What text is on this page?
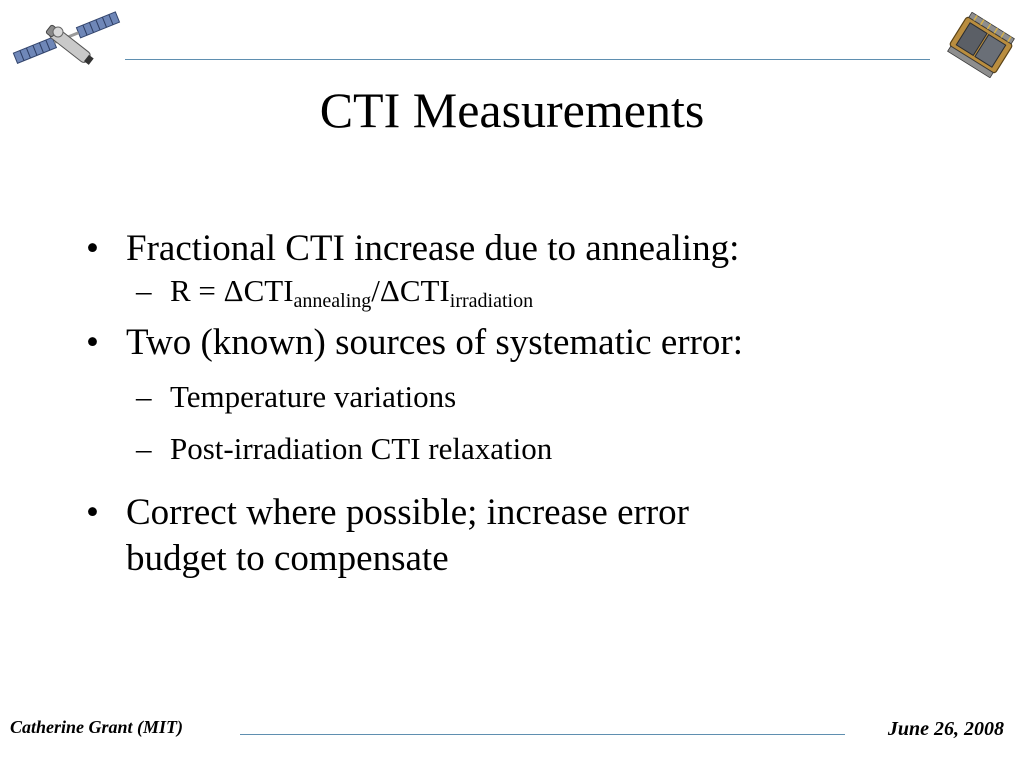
CTI Measurements
• Fractional CTI increase due to annealing:
– $R = \Delta CTI_{annealing}/\Delta CTI_{irradiation}$
• Two (known) sources of systematic error:
– Temperature variations
– Post-irradiation CTI relaxation
• Correct where possible; increase error
budget to compensate
Catherine Grant (MIT)	June 26, 2008
